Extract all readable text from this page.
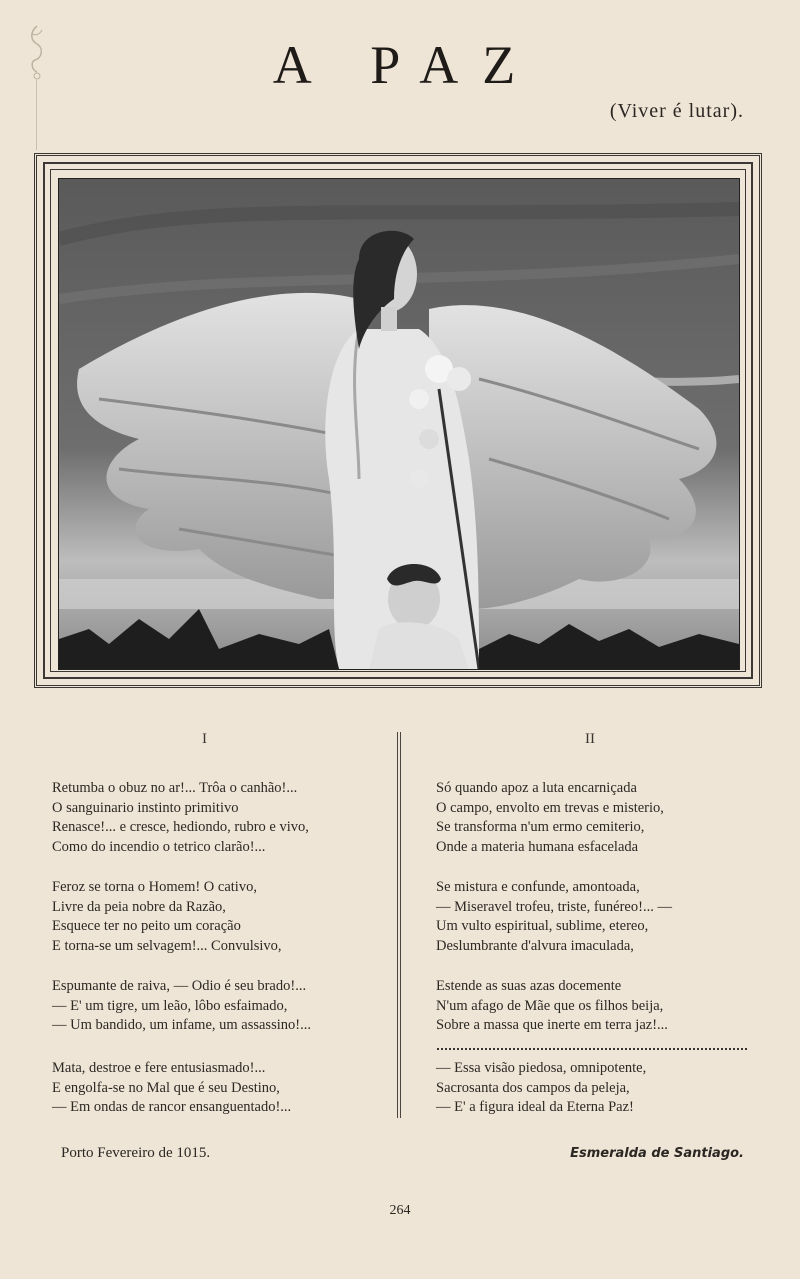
A PAZ
(Viver é lutar).
I	II
Retumba o obuz no ar!... Trôa o canhão!...
O sanguinario instinto primitivo
Renasce!... e cresce, hediondo, rubro e vivo,
Como do incendio o tetrico clarão!...
Feroz se torna o Homem! O cativo,
Livre da peia nobre da Razão,
Esquece ter no peito um coração
E torna-se um selvagem!... Convulsivo,
Espumante de raiva, — Odio é seu brado!...
— E' um tigre, um leão, lôbo esfaimado,
— Um bandido, um infame, um assassino!...
Mata, destroe e fere entusiasmado!...
E engolfa-se no Mal que é seu Destino,
— Em ondas de rancor ensanguentado!...
Só quando apoz a luta encarniçada
O campo, envolto em trevas e misterio,
Se transforma n'um ermo cemiterio,
Onde a materia humana esfacelada
Se mistura e confunde, amontoada,
— Miseravel trofeu, triste, funéreo!... —
Um vulto espiritual, sublime, etereo,
Deslumbrante d'alvura imaculada,
Estende as suas azas docemente
N'um afago de Mãe que os filhos beija,
Sobre a massa que inerte em terra jaz!...
— Essa visão piedosa, omnipotente,
Sacrosanta dos campos da peleja,
— E' a figura ideal da Eterna Paz!
Porto Fevereiro de 1015.	Esmeralda de Santiago.
264
